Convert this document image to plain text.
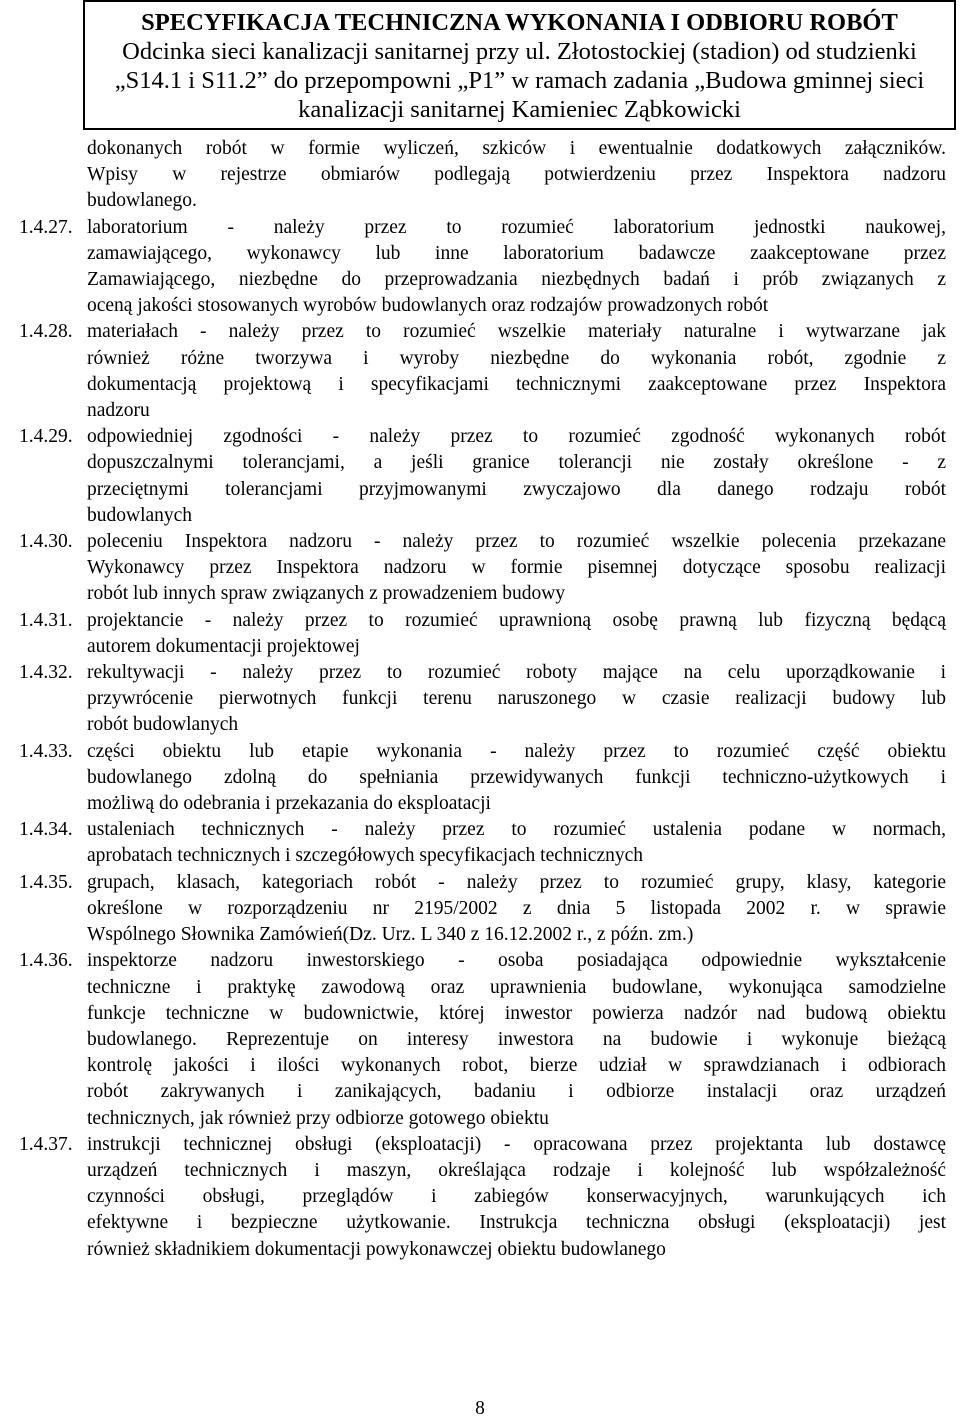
SPECYFIKACJA TECHNICZNA WYKONANIA I ODBIORU ROBÓT
Odcinka sieci kanalizacji sanitarnej przy ul. Złotostockiej (stadion) od studzienki
„S14.1 i S11.2” do przepompowni „P1” w ramach zadania „Budowa gminnej sieci
kanalizacji sanitarnej Kamieniec Ząbkowicki
dokonanych robót w formie wyliczeń, szkiców i ewentualnie dodatkowych załączników.
Wpisy w rejestrze obmiarów podlegają potwierdzeniu przez Inspektora nadzoru
budowlanego.
1.4.27. laboratorium - należy przez to rozumieć laboratorium jednostki naukowej,
zamawiającego, wykonawcy lub inne laboratorium badawcze zaakceptowane przez
Zamawiającego, niezbędne do przeprowadzania niezbędnych badań i prób związanych z
oceną jakości stosowanych wyrobów budowlanych oraz rodzajów prowadzonych robót
1.4.28. materiałach - należy przez to rozumieć wszelkie materiały naturalne i wytwarzane jak
również różne tworzywa i wyroby niezbędne do wykonania robót, zgodnie z
dokumentacją projektową i specyfikacjami technicznymi zaakceptowane przez Inspektora
nadzoru
1.4.29. odpowiedniej zgodności - należy przez to rozumieć zgodność wykonanych robót
dopuszczalnymi tolerancjami, a jeśli granice tolerancji nie zostały określone - z
przeciętnymi tolerancjami przyjmowanymi zwyczajowo dla danego rodzaju robót
budowlanych
1.4.30. poleceniu Inspektora nadzoru - należy przez to rozumieć wszelkie polecenia przekazane
Wykonawcy przez Inspektora nadzoru w formie pisemnej dotyczące sposobu realizacji
robót lub innych spraw związanych z prowadzeniem budowy
1.4.31. projektancie - należy przez to rozumieć uprawnioną osobę prawną lub fizyczną będącą
autorem dokumentacji projektowej
1.4.32. rekultywacji - należy przez to rozumieć roboty mające na celu uporządkowanie i
przywrócenie pierwotnych funkcji terenu naruszonego w czasie realizacji budowy lub
robót budowlanych
1.4.33. części obiektu lub etapie wykonania - należy przez to rozumieć część obiektu
budowlanego zdolną do spełniania przewidywanych funkcji techniczno-użytkowych i
możliwą do odebrania i przekazania do eksploatacji
1.4.34. ustaleniach technicznych - należy przez to rozumieć ustalenia podane w normach,
aprobatach technicznych i szczegółowych specyfikacjach technicznych
1.4.35. grupach, klasach, kategoriach robót - należy przez to rozumieć grupy, klasy, kategorie
określone w rozporządzeniu nr 2195/2002 z dnia 5 listopada 2002 r. w sprawie
Wspólnego Słownika Zamówień(Dz. Urz. L 340 z 16.12.2002 r., z późn. zm.)
1.4.36. inspektorze nadzoru inwestorskiego - osoba posiadająca odpowiednie wykształcenie
techniczne i praktykę zawodową oraz uprawnienia budowlane, wykonująca samodzielne
funkcje techniczne w budownictwie, której inwestor powierza nadzór nad budową obiektu
budowlanego. Reprezentuje on interesy inwestora na budowie i wykonuje bieżącą
kontrolę jakości i ilości wykonanych robot, bierze udział w sprawdzianach i odbiorach
robót zakrywanych i zanikających, badaniu i odbiorze instalacji oraz urządzeń
technicznych, jak również przy odbiorze gotowego obiektu
1.4.37. instrukcji technicznej obsługi (eksploatacji) - opracowana przez projektanta lub dostawcę
urządzeń technicznych i maszyn, określająca rodzaje i kolejność lub współzależność
czynności obsługi, przeglądów i zabiegów konserwacyjnych, warunkujących ich
efektywne i bezpieczne użytkowanie. Instrukcja techniczna obsługi (eksploatacji) jest
również składnikiem dokumentacji powykonawczej obiektu budowlanego
8
